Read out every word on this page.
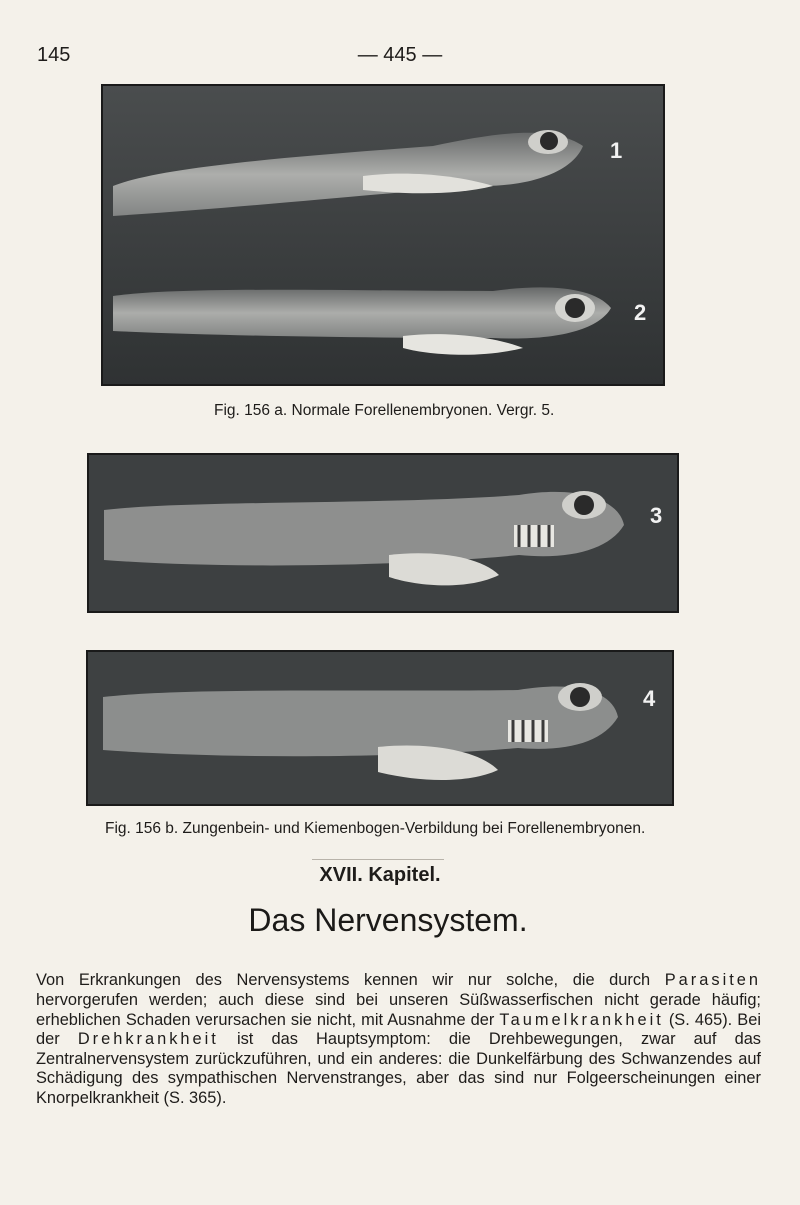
145	— 445 —
1
2
Fig. 156 a. Normale Forellenembryonen. Vergr. 5.
3
4
Fig. 156 b. Zungenbein- und Kiemenbogen-Verbildung bei Forellenembryonen.
XVII. Kapitel.
Das Nervensystem.

Von Erkrankungen des Nervensystems kennen wir nur solche, die durch Parasiten hervorgerufen werden; auch diese sind bei unseren Süßwasserfischen nicht gerade häufig; erheblichen Schaden verursachen sie nicht, mit Ausnahme der Taumelkrankheit (S. 465). Bei der Drehkrankheit ist das Hauptsymptom: die Drehbewegungen, zwar auf das Zentralnervensystem zurückzuführen, und ein anderes: die Dunkelfärbung des Schwanzendes auf Schädigung des sympathischen Nervenstranges, aber das sind nur Folgeerscheinungen einer Knorpelkrankheit (S. 365).
